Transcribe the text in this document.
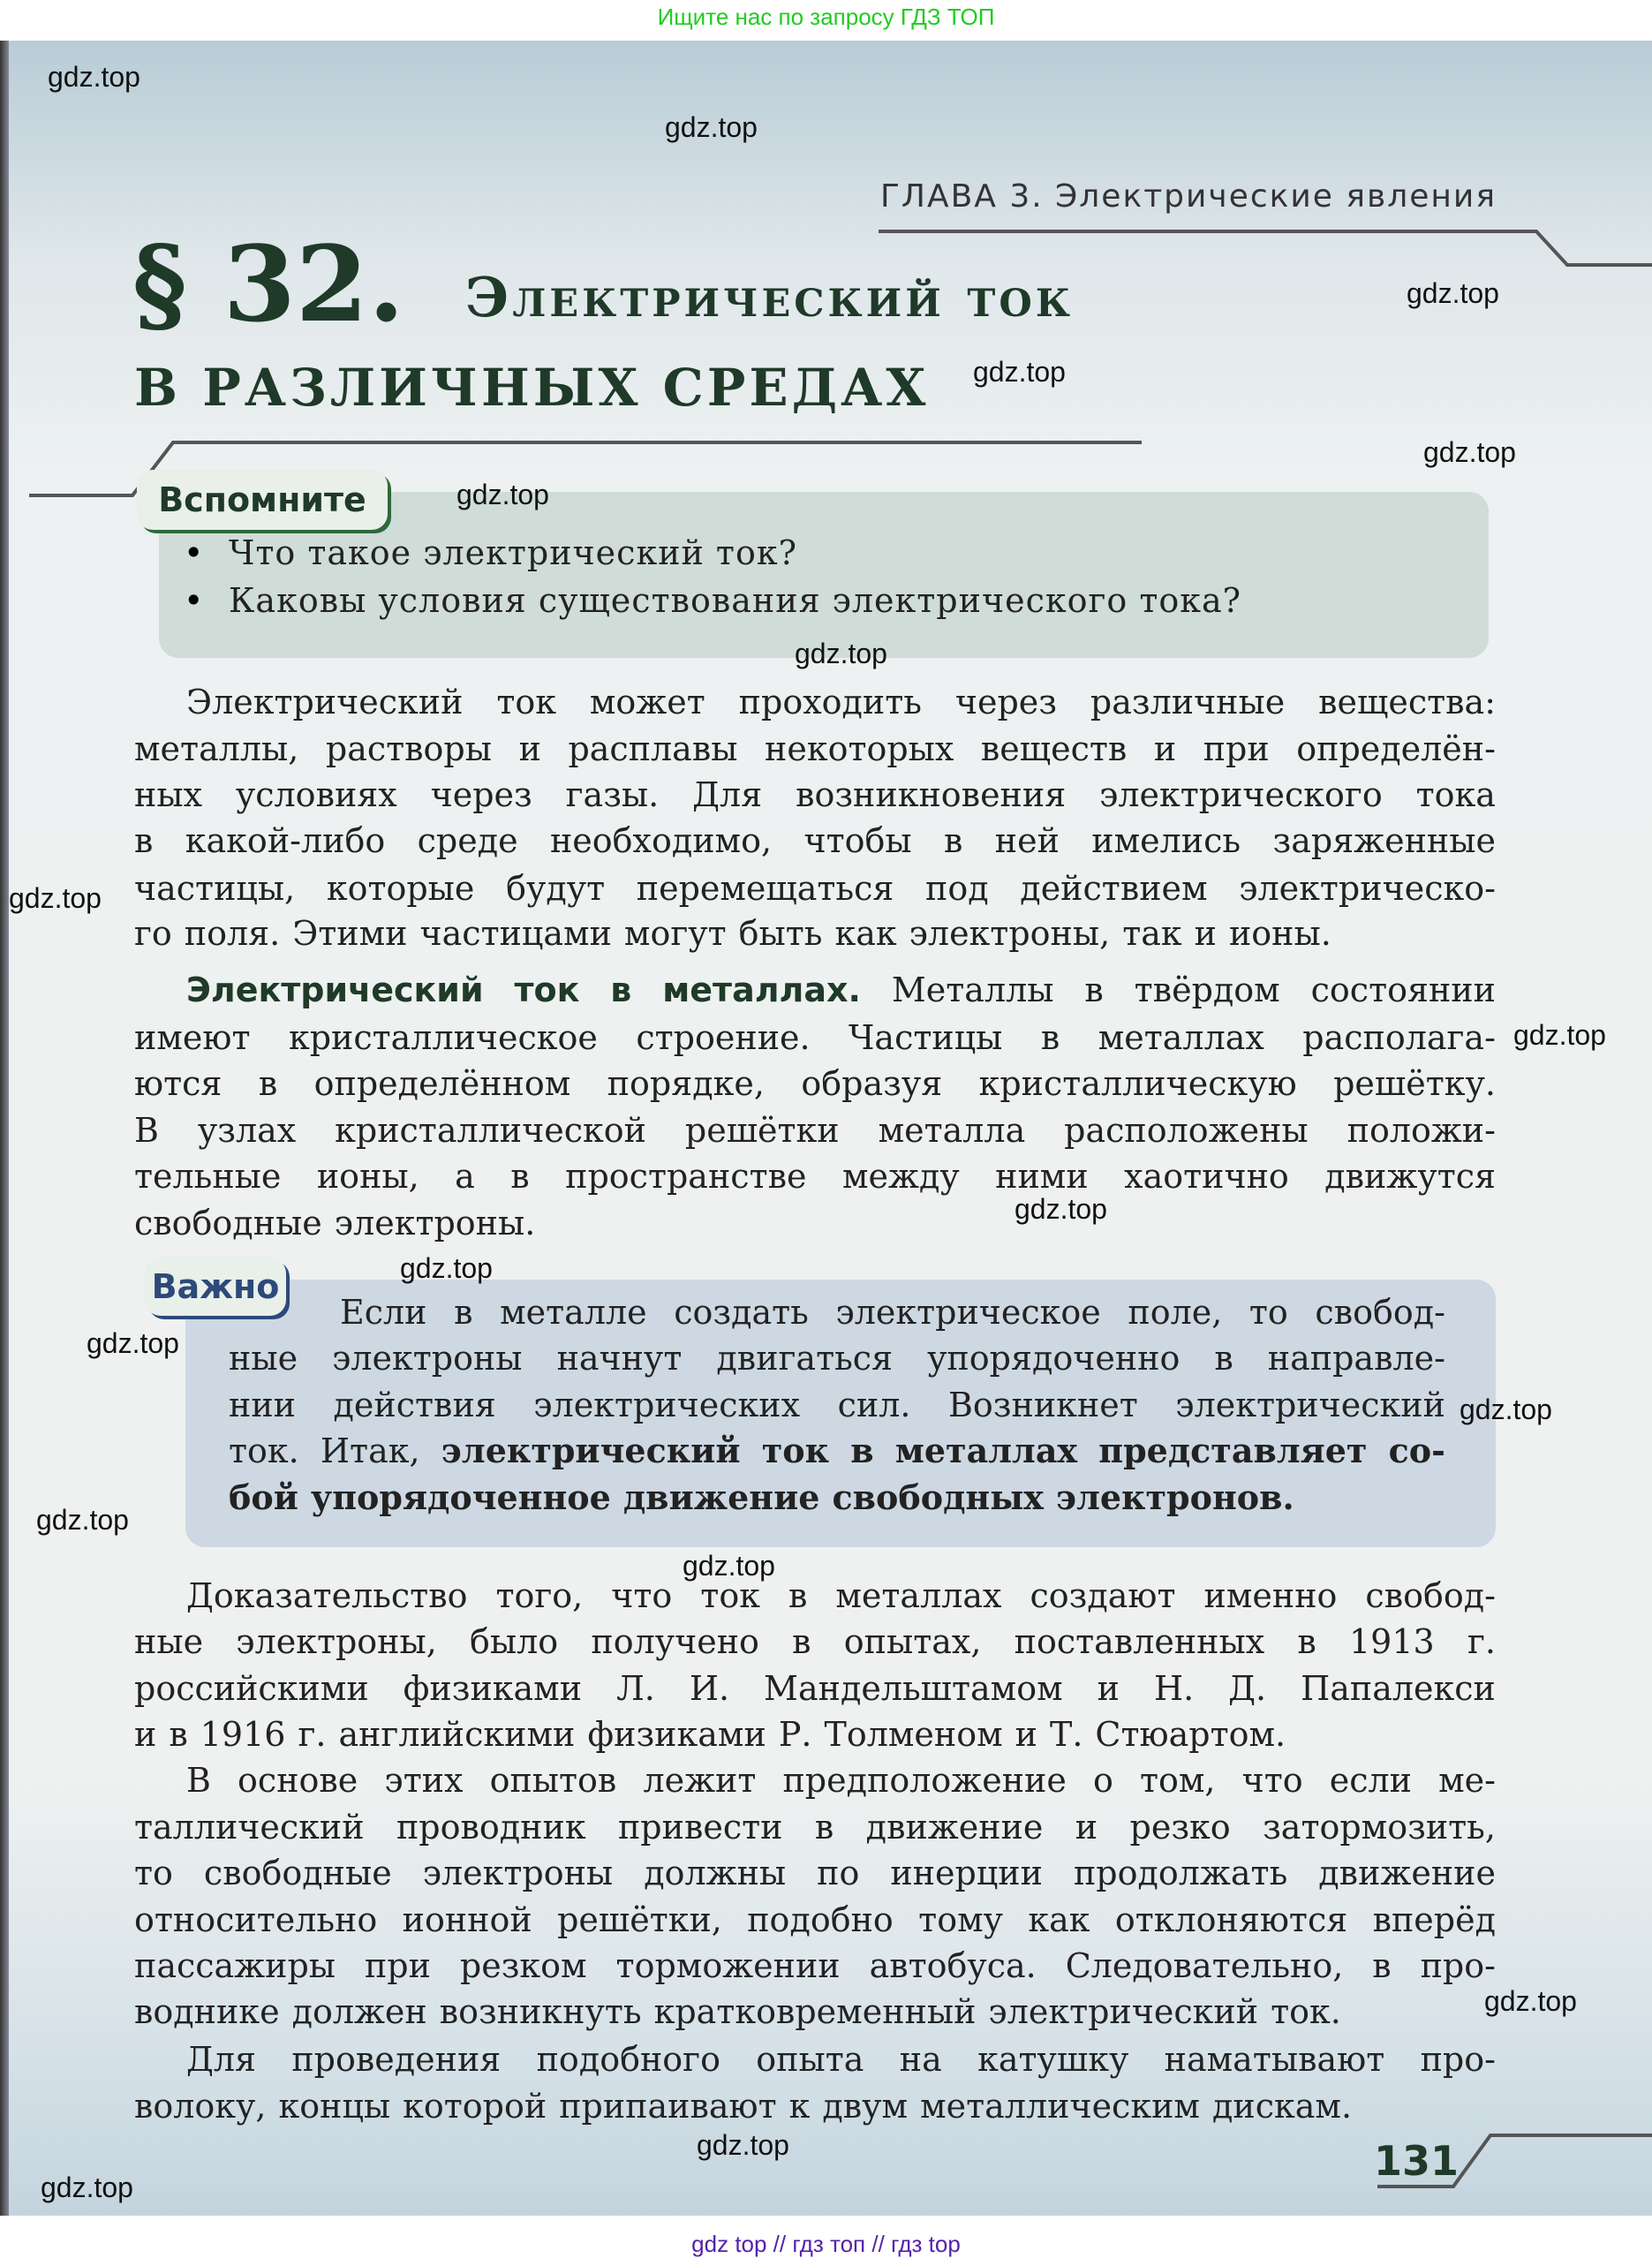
Ищите нас по запросу ГДЗ ТОП
ГЛАВА 3. Электрические явления
§ 32. Электрический ток
В РАЗЛИЧНЫХ СРЕДАХ
Вспомните
• Что такое электрический ток?
• Каковы условия существования электрического тока?
Важно
Электрический ток может проходить через различные вещества:
металлы, растворы и расплавы некоторых веществ и при определён-
ных условиях через газы. Для возникновения электрического тока
в какой-либо среде необходимо, чтобы в ней имелись заряженные
частицы, которые будут перемещаться под действием электрическо-
го поля. Этими частицами могут быть как электроны, так и ионы.
Электрический ток в металлах. Металлы в твёрдом состоянии
имеют кристаллическое строение. Частицы в металлах располага-
ются в определённом порядке, образуя кристаллическую решётку.
В узлах кристаллической решётки металла расположены положи-
тельные ионы, а в пространстве между ними хаотично движутся
свободные электроны.
Если в металле создать электрическое поле, то свобод-
ные электроны начнут двигаться упорядоченно в направле-
нии действия электрических сил. Возникнет электрический
ток. Итак, электрический ток в металлах представляет со-
бой упорядоченное движение свободных электронов.
Доказательство того, что ток в металлах создают именно свобод-
ные электроны, было получено в опытах, поставленных в 1913 г.
российскими физиками Л. И. Мандельштамом и Н. Д. Папалекси
и в 1916 г. английскими физиками Р. Толменом и Т. Стюартом.
В основе этих опытов лежит предположение о том, что если ме-
таллический проводник привести в движение и резко затормозить,
то свободные электроны должны по инерции продолжать движение
относительно ионной решётки, подобно тому как отклоняются вперёд
пассажиры при резком торможении автобуса. Следовательно, в про-
воднике должен возникнуть кратковременный электрический ток.
Для проведения подобного опыта на катушку наматывают про-
волоку, концы которой припаивают к двум металлическим дискам.
131
gdz.top
gdz.top
gdz.top
gdz.top
gdz.top
gdz.top
gdz.top
gdz.top
gdz.top
gdz.top
gdz.top
gdz.top
gdz.top
gdz.top
gdz.top
gdz.top
gdz.top
gdz.top
gdz top // гдз топ // гдз top
